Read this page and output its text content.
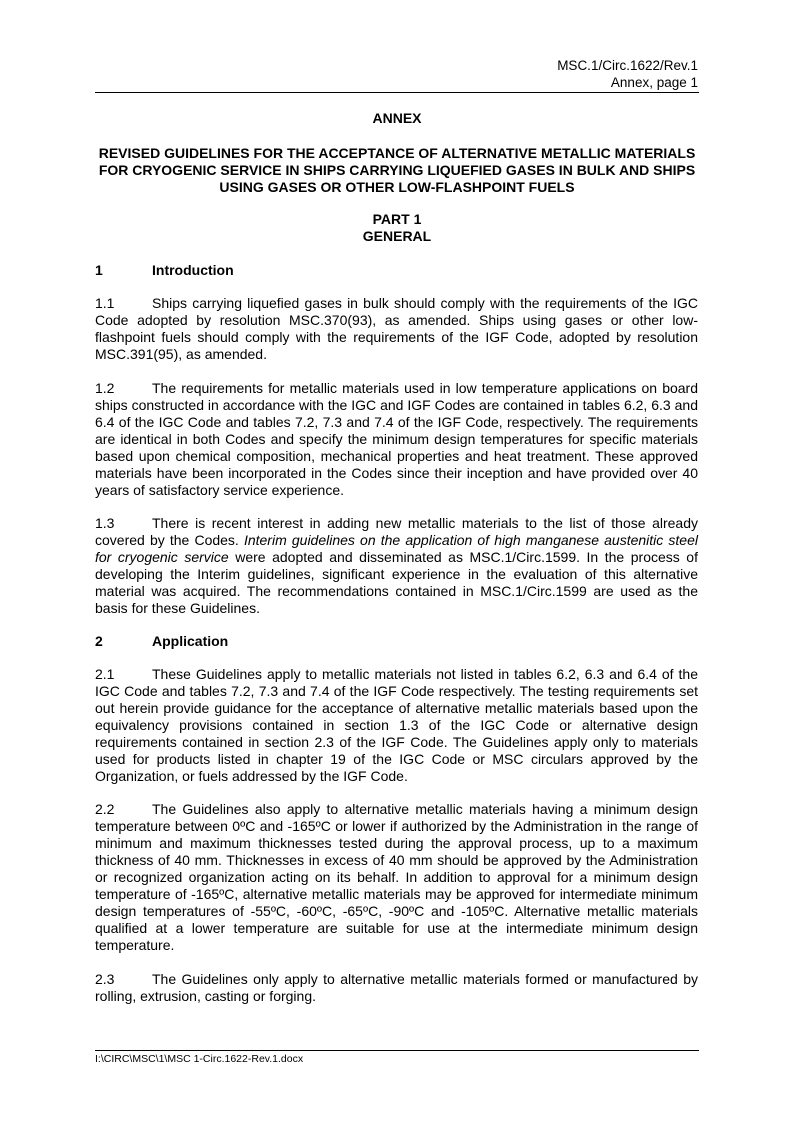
MSC.1/Circ.1622/Rev.1
Annex, page 1
ANNEX
REVISED GUIDELINES FOR THE ACCEPTANCE OF ALTERNATIVE METALLIC MATERIALS FOR CRYOGENIC SERVICE IN SHIPS CARRYING LIQUEFIED GASES IN BULK AND SHIPS USING GASES OR OTHER LOW-FLASHPOINT FUELS
PART 1
GENERAL
1	Introduction
1.1	Ships carrying liquefied gases in bulk should comply with the requirements of the IGC Code adopted by resolution MSC.370(93), as amended. Ships using gases or other low-flashpoint fuels should comply with the requirements of the IGF Code, adopted by resolution MSC.391(95), as amended.
1.2	The requirements for metallic materials used in low temperature applications on board ships constructed in accordance with the IGC and IGF Codes are contained in tables 6.2, 6.3 and 6.4 of the IGC Code and tables 7.2, 7.3 and 7.4 of the IGF Code, respectively. The requirements are identical in both Codes and specify the minimum design temperatures for specific materials based upon chemical composition, mechanical properties and heat treatment. These approved materials have been incorporated in the Codes since their inception and have provided over 40 years of satisfactory service experience.
1.3	There is recent interest in adding new metallic materials to the list of those already covered by the Codes. Interim guidelines on the application of high manganese austenitic steel for cryogenic service were adopted and disseminated as MSC.1/Circ.1599. In the process of developing the Interim guidelines, significant experience in the evaluation of this alternative material was acquired. The recommendations contained in MSC.1/Circ.1599 are used as the basis for these Guidelines.
2	Application
2.1	These Guidelines apply to metallic materials not listed in tables 6.2, 6.3 and 6.4 of the IGC Code and tables 7.2, 7.3 and 7.4 of the IGF Code respectively. The testing requirements set out herein provide guidance for the acceptance of alternative metallic materials based upon the equivalency provisions contained in section 1.3 of the IGC Code or alternative design requirements contained in section 2.3 of the IGF Code. The Guidelines apply only to materials used for products listed in chapter 19 of the IGC Code or MSC circulars approved by the Organization, or fuels addressed by the IGF Code.
2.2	The Guidelines also apply to alternative metallic materials having a minimum design temperature between 0ºC and -165ºC or lower if authorized by the Administration in the range of minimum and maximum thicknesses tested during the approval process, up to a maximum thickness of 40 mm. Thicknesses in excess of 40 mm should be approved by the Administration or recognized organization acting on its behalf. In addition to approval for a minimum design temperature of -165ºC, alternative metallic materials may be approved for intermediate minimum design temperatures of -55ºC, -60ºC, -65ºC, -90ºC and -105ºC. Alternative metallic materials qualified at a lower temperature are suitable for use at the intermediate minimum design temperature.
2.3	The Guidelines only apply to alternative metallic materials formed or manufactured by rolling, extrusion, casting or forging.
I:\CIRC\MSC\1\MSC 1-Circ.1622-Rev.1.docx
